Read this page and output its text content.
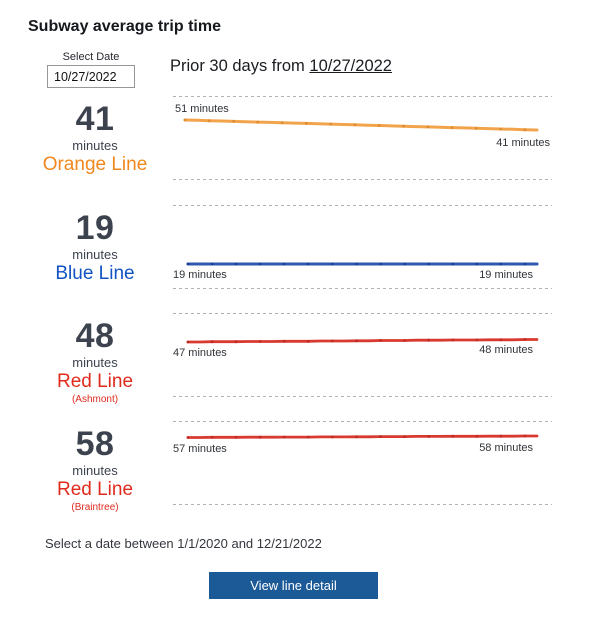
Subway average trip time
Select Date
10/27/2022	Prior 30 days from 10/27/2022
41
minutes
Orange Line
51 minutes
41 minutes
19
minutes
Blue Line	19 minutes	19 minutes
48
minutes
Red Line
(Ashmont)
47 minutes	48 minutes
58
minutes
Red Line
(Braintree)
57 minutes	58 minutes
Select a date between 1/1/2020 and 12/21/2022
View line detail
